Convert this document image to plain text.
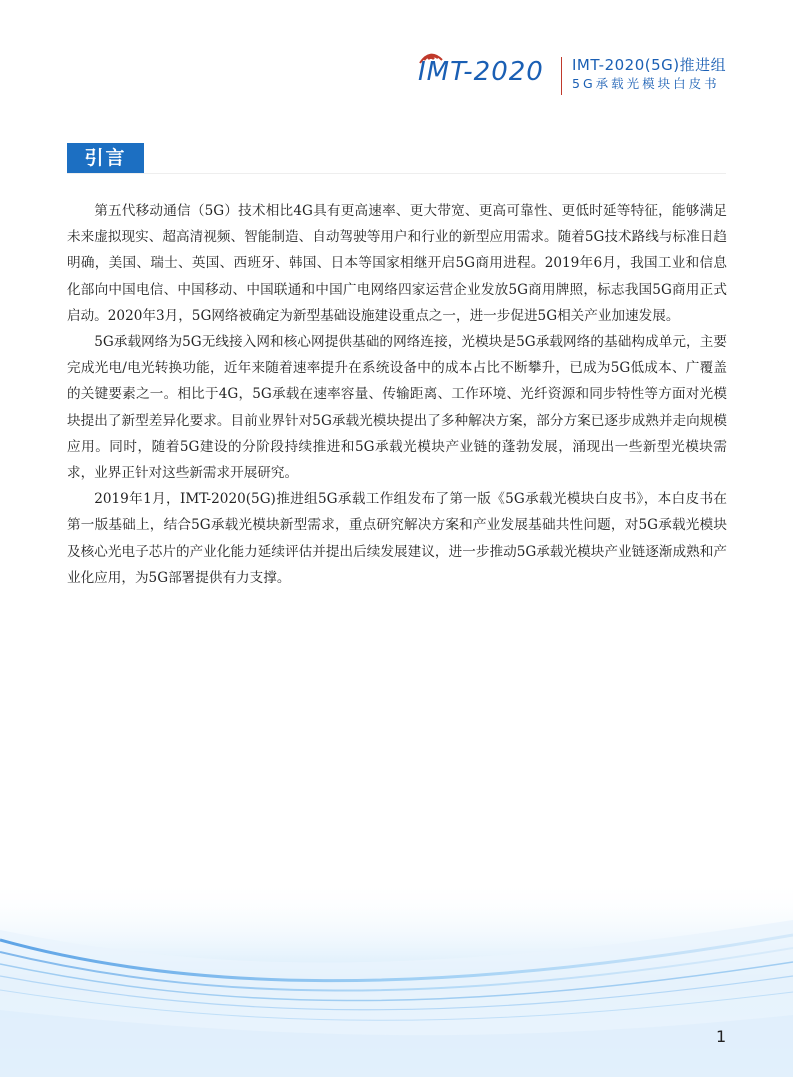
IMT-2020 IMT-2020(5G)推进组
5G承载光模块白皮书
引言

第五代移动通信（5G）技术相比4G具有更高速率、更大带宽、更高可靠性、更低时延等特征，能够满足未来虚拟现实、超高清视频、智能制造、自动驾驶等用户和行业的新型应用需求。随着5G技术路线与标准日趋明确，美国、瑞士、英国、西班牙、韩国、日本等国家相继开启5G商用进程。2019年6月，我国工业和信息化部向中国电信、中国移动、中国联通和中国广电网络四家运营企业发放5G商用牌照，标志我国5G商用正式启动。2020年3月，5G网络被确定为新型基础设施建设重点之一，进一步促进5G相关产业加速发展。

5G承载网络为5G无线接入网和核心网提供基础的网络连接，光模块是5G承载网络的基础构成单元，主要完成光电/电光转换功能，近年来随着速率提升在系统设备中的成本占比不断攀升，已成为5G低成本、广覆盖的关键要素之一。相比于4G，5G承载在速率容量、传输距离、工作环境、光纤资源和同步特性等方面对光模块提出了新型差异化要求。目前业界针对5G承载光模块提出了多种解决方案，部分方案已逐步成熟并走向规模应用。同时，随着5G建设的分阶段持续推进和5G承载光模块产业链的蓬勃发展，涌现出一些新型光模块需求，业界正针对这些新需求开展研究。

2019年1月，IMT-2020(5G)推进组5G承载工作组发布了第一版《5G承载光模块白皮书》，本白皮书在第一版基础上，结合5G承载光模块新型需求，重点研究解决方案和产业发展基础共性问题，对5G承载光模块及核心光电子芯片的产业化能力延续评估并提出后续发展建议，进一步推动5G承载光模块产业链逐渐成熟和产业化应用，为5G部署提供有力支撑。

1
